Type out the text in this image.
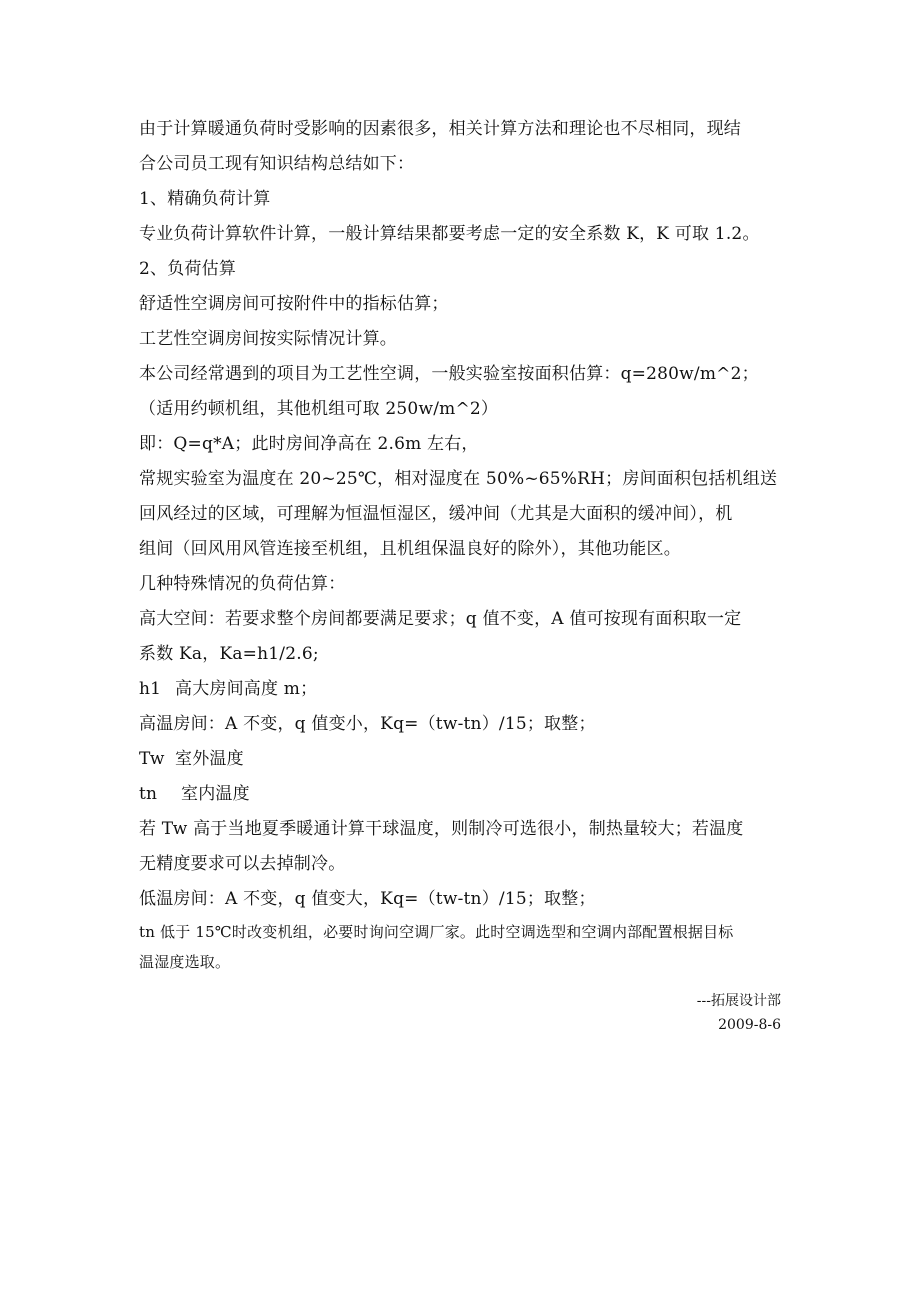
由于计算暖通负荷时受影响的因素很多，相关计算方法和理论也不尽相同，现结
合公司员工现有知识结构总结如下：
1、精确负荷计算
专业负荷计算软件计算，一般计算结果都要考虑一定的安全系数 K，K 可取 1.2。
2、负荷估算
舒适性空调房间可按附件中的指标估算；
工艺性空调房间按实际情况计算。
本公司经常遇到的项目为工艺性空调，一般实验室按面积估算：q=280w/m^2；
（适用约顿机组，其他机组可取 250w/m^2）
即：Q=q*A；此时房间净高在 2.6m 左右，
常规实验室为温度在 20~25℃，相对湿度在 50%~65%RH；房间面积包括机组送
回风经过的区域，可理解为恒温恒湿区，缓冲间（尤其是大面积的缓冲间），机
组间（回风用风管连接至机组，且机组保温良好的除外），其他功能区。
几种特殊情况的负荷估算：
高大空间：若要求整个房间都要满足要求；q 值不变，A 值可按现有面积取一定
系数 Ka，Ka=h1/2.6;
h1 高大房间高度 m；
高温房间：A 不变，q 值变小，Kq=（tw-tn）/15；取整；
Tw 室外温度
tn 室内温度
若 Tw 高于当地夏季暖通计算干球温度，则制冷可选很小，制热量较大；若温度
无精度要求可以去掉制冷。
低温房间：A 不变，q 值变大，Kq=（tw-tn）/15；取整；
tn 低于 15℃时改变机组，必要时询问空调厂家。此时空调选型和空调内部配置根据目标
温湿度选取。
---拓展设计部
2009-8-6
